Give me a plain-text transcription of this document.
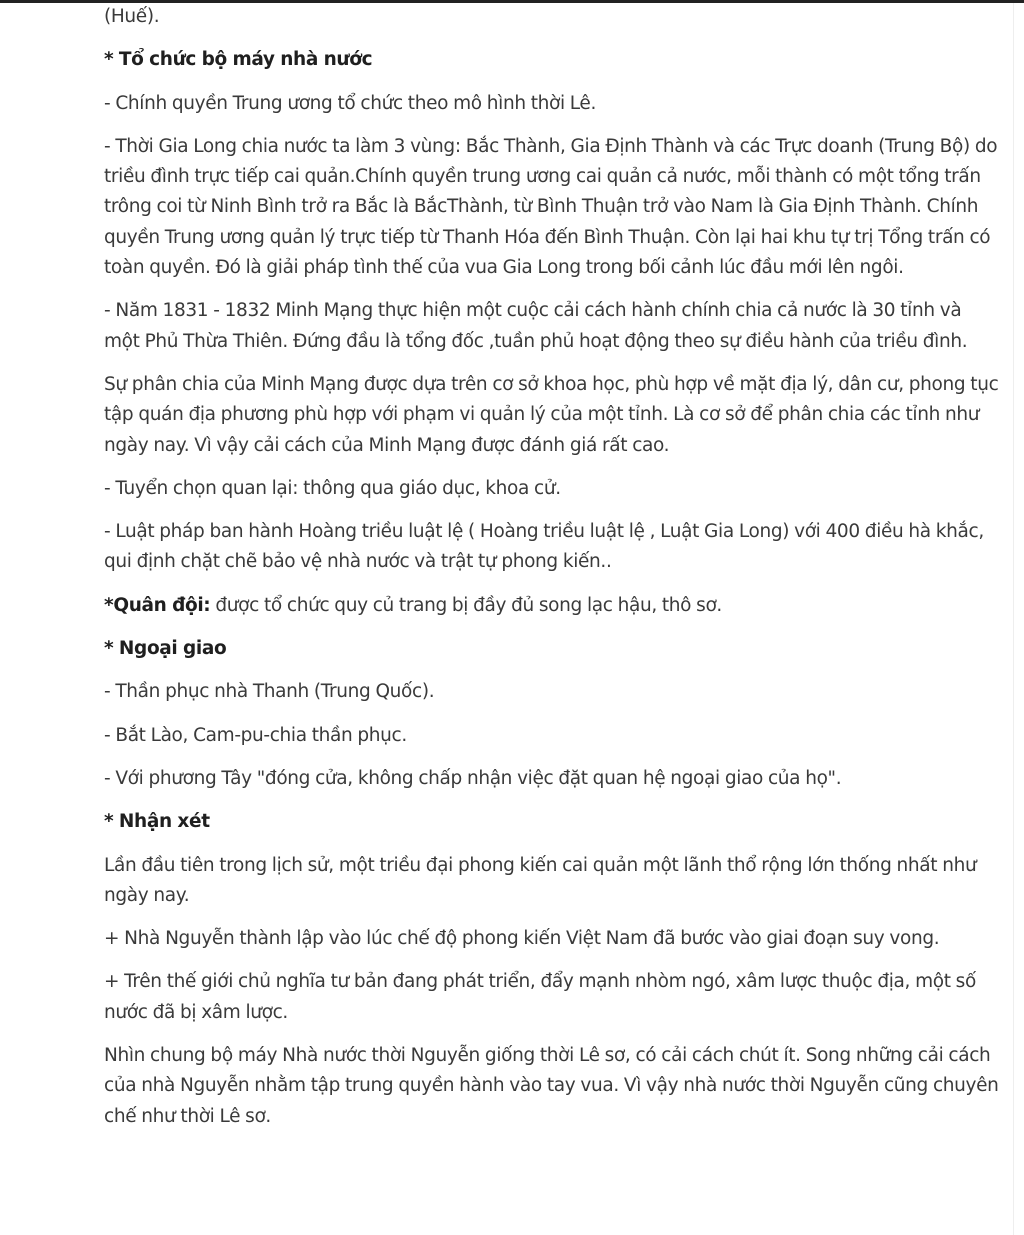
(Huế).

* Tổ chức bộ máy nhà nước

- Chính quyền Trung ương tổ chức theo mô hình thời Lê.

- Thời Gia Long chia nước ta làm 3 vùng: Bắc Thành, Gia Định Thành và các Trực doanh (Trung Bộ) do triều đình trực tiếp cai quản.Chính quyền trung ương cai quản cả nước, mỗi thành có một tổng trấn trông coi từ Ninh Bình trở ra Bắc là BắcThành, từ Bình Thuận trở vào Nam là Gia Định Thành. Chính quyền Trung ương quản lý trực tiếp từ Thanh Hóa đến Bình Thuận. Còn lại hai khu tự trị Tổng trấn có toàn quyền. Đó là giải pháp tình thế của vua Gia Long trong bối cảnh lúc đầu mới lên ngôi.

- Năm 1831 - 1832 Minh Mạng thực hiện một cuộc cải cách hành chính chia cả nước là 30 tỉnh và một Phủ Thừa Thiên. Đứng đầu là tổng đốc ,tuần phủ hoạt động theo sự điều hành của triều đình.

Sự phân chia của Minh Mạng được dựa trên cơ sở khoa học, phù hợp về mặt địa lý, dân cư, phong tục tập quán địa phương phù hợp với phạm vi quản lý của một tỉnh. Là cơ sở để phân chia các tỉnh như ngày nay. Vì vậy cải cách của Minh Mạng được đánh giá rất cao.

- Tuyển chọn quan lại: thông qua giáo dục, khoa cử.

- Luật pháp ban hành Hoàng triều luật lệ ( Hoàng triều luật lệ , Luật Gia Long) với 400 điều hà khắc, qui định chặt chẽ bảo vệ nhà nước và trật tự phong kiến..

*Quân đội: được tổ chức quy củ trang bị đầy đủ song lạc hậu, thô sơ.

* Ngoại giao

- Thần phục nhà Thanh (Trung Quốc).

- Bắt Lào, Cam-pu-chia thần phục.

- Với phương Tây "đóng cửa, không chấp nhận việc đặt quan hệ ngoại giao của họ".

* Nhận xét

Lần đầu tiên trong lịch sử, một triều đại phong kiến cai quản một lãnh thổ rộng lớn thống nhất như ngày nay.

+ Nhà Nguyễn thành lập vào lúc chế độ phong kiến Việt Nam đã bước vào giai đoạn suy vong.

+ Trên thế giới chủ nghĩa tư bản đang phát triển, đẩy mạnh nhòm ngó, xâm lược thuộc địa, một số nước đã bị xâm lược.

Nhìn chung bộ máy Nhà nước thời Nguyễn giống thời Lê sơ, có cải cách chút ít. Song những cải cách của nhà Nguyễn nhằm tập trung quyền hành vào tay vua. Vì vậy nhà nước thời Nguyễn cũng chuyên chế như thời Lê sơ.
